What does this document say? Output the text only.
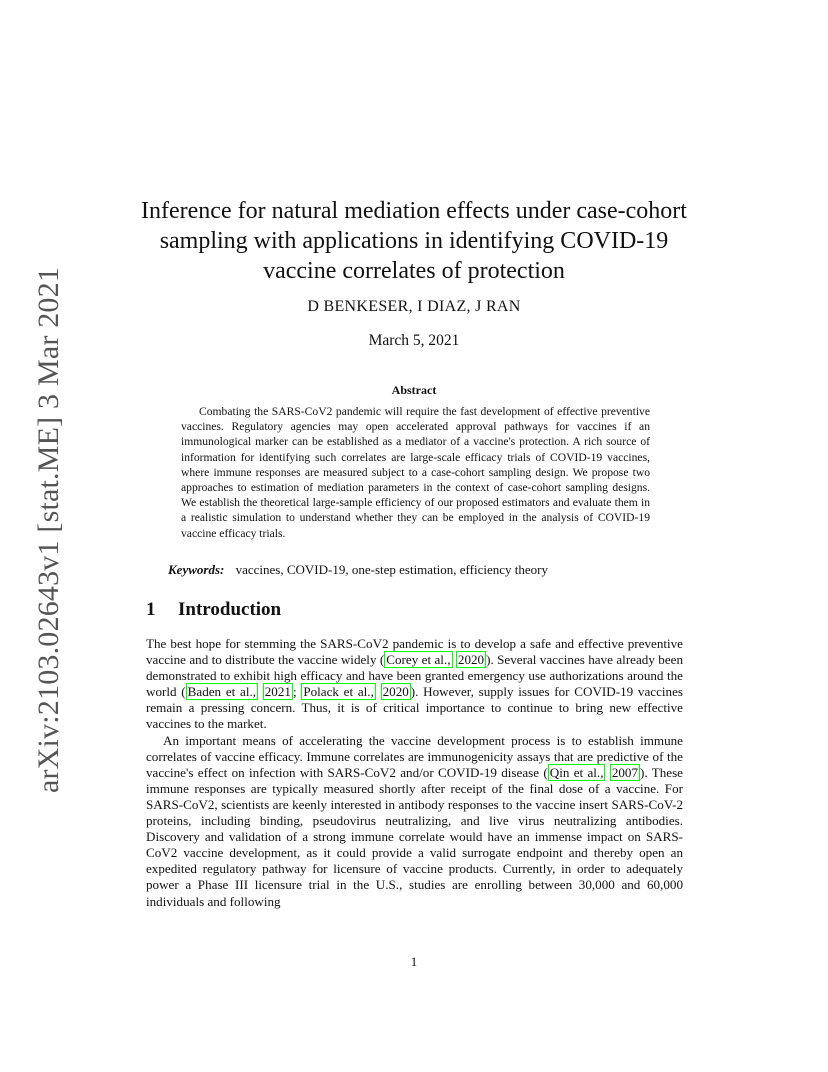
arXiv:2103.02643v1 [stat.ME] 3 Mar 2021
Inference for natural mediation effects under case-cohort sampling with applications in identifying COVID-19 vaccine correlates of protection
D BENKESER, I DIAZ, J RAN
March 5, 2021
Abstract

Combating the SARS-CoV2 pandemic will require the fast development of effective preventive vaccines. Regulatory agencies may open accelerated approval pathways for vaccines if an immunological marker can be established as a mediator of a vaccine's protection. A rich source of information for identifying such correlates are large-scale efficacy trials of COVID-19 vaccines, where immune responses are measured subject to a case-cohort sampling design. We propose two approaches to estimation of mediation parameters in the context of case-cohort sampling designs. We establish the theoretical large-sample efficiency of our proposed estimators and evaluate them in a realistic simulation to understand whether they can be employed in the analysis of COVID-19 vaccine efficacy trials.

Keywords: vaccines, COVID-19, one-step estimation, efficiency theory
1 Introduction

The best hope for stemming the SARS-CoV2 pandemic is to develop a safe and effective preventive vaccine and to distribute the vaccine widely ( Corey et al., 2020 ). Several vaccines have already been demonstrated to exhibit high efficacy and have been granted emergency use authorizations around the world ( Baden et al., 2021 ; Polack et al., 2020 ). However, supply issues for COVID-19 vaccines remain a pressing concern. Thus, it is of critical importance to continue to bring new effective vaccines to the market.

An important means of accelerating the vaccine development process is to establish immune correlates of vaccine efficacy. Immune correlates are immunogenicity assays that are predictive of the vaccine's effect on infection with SARS-CoV2 and/or COVID-19 disease ( Qin et al., 2007 ). These immune responses are typically measured shortly after receipt of the final dose of a vaccine. For SARS-CoV2, scientists are keenly interested in antibody responses to the vaccine insert SARS-CoV-2 proteins, including binding, pseudovirus neutralizing, and live virus neutralizing antibodies. Discovery and validation of a strong immune correlate would have an immense impact on SARS-CoV2 vaccine development, as it could provide a valid surrogate endpoint and thereby open an expedited regulatory pathway for licensure of vaccine products. Currently, in order to adequately power a Phase III licensure trial in the U.S., studies are enrolling between 30,000 and 60,000 individuals and following

1
